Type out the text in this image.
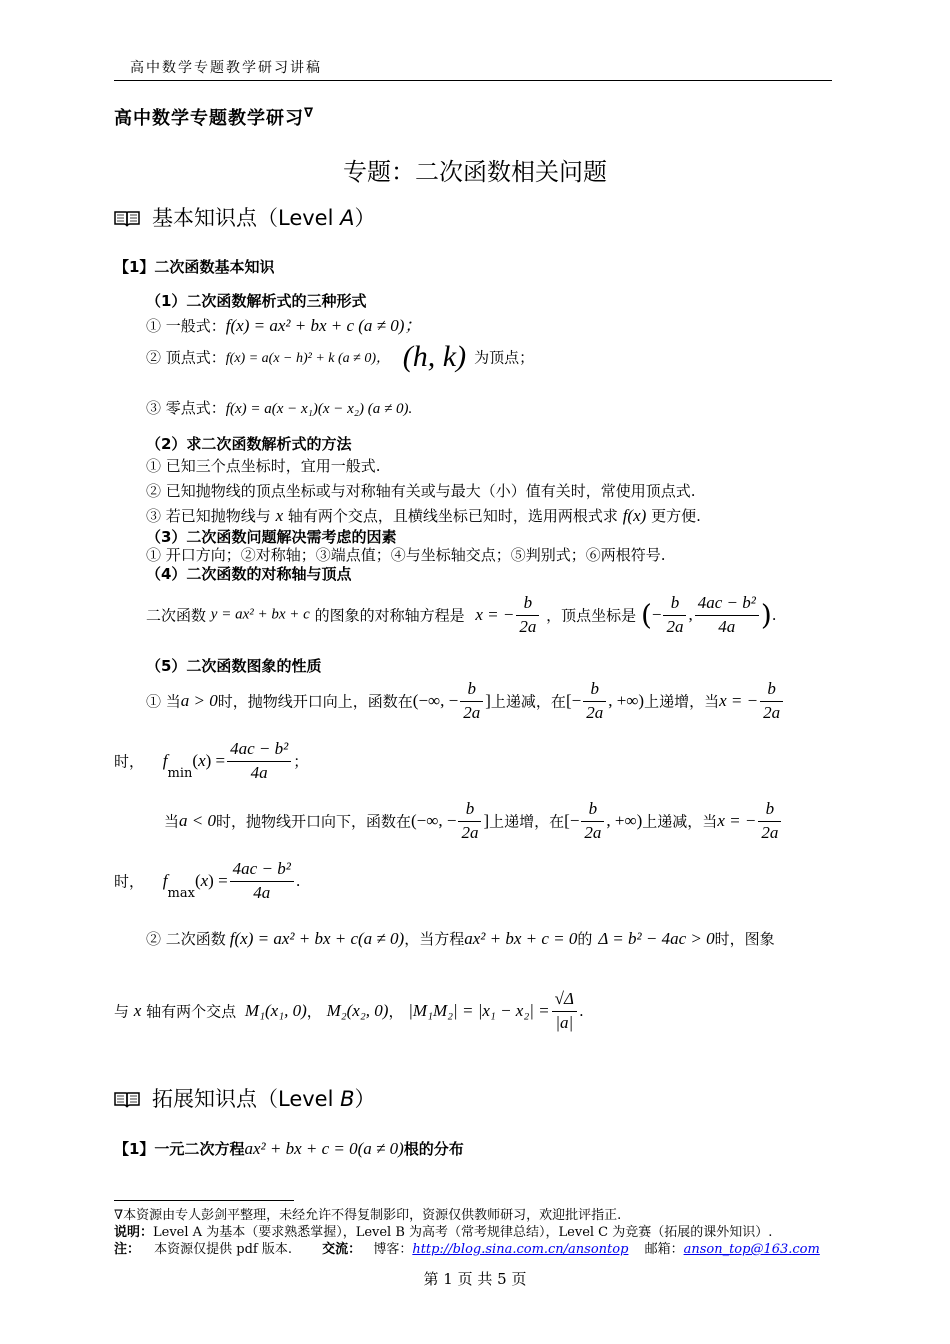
高中数学专题教学研习讲稿
高中数学专题教学研习∇
专题：二次函数相关问题
基本知识点（Level A）
【1】二次函数基本知识
（1）二次函数解析式的三种形式
① 一般式：f(x) = ax² + bx + c (a ≠ 0)；
② 顶点式：f(x) = a(x − h)² + k (a ≠ 0)， (h, k) 为顶点；
③ 零点式：f(x) = a(x − x₁)(x − x₂) (a ≠ 0).
（2）求二次函数解析式的方法
① 已知三个点坐标时，宜用一般式.
② 已知抛物线的顶点坐标或与对称轴有关或与最大（小）值有关时，常使用顶点式.
③ 若已知抛物线与 x 轴有两个交点，且横线坐标已知时，选用两根式求 f(x) 更方便.
（3）二次函数问题解决需考虑的因素
① 开口方向；②对称轴；③端点值；④与坐标轴交点；⑤判别式；⑥两根符号.
（4）二次函数的对称轴与顶点
二次函数 y = ax² + bx + c 的图象的对称轴方程是 x = − $\frac{b}{2a}$ ，顶点坐标是 (− $\frac{b}{2a}$ , $\frac{\text{4ac − b²}}{4a}$ ).
（5）二次函数图象的性质
① 当a > 0时，抛物线开口向上，函数在(−∞, − $\frac{b}{2a}$ ]上递减，在[− $\frac{b}{2a}$ , +∞)上递增，当x = − $\frac{b}{2a}$
时， $f_{min}(x) = \frac{\text{4ac − b²}}{4a}$ ；
当a < 0时，抛物线开口向下，函数在(−∞, − $\frac{b}{2a}$ ]上递增，在[− $\frac{b}{2a}$ , +∞)上递减，当x = − $\frac{b}{2a}$
时， $f_{max}(x) = \frac{\text{4ac − b²}}{4a}$ .
② 二次函数 f(x) = ax² + bx + c(a ≠ 0)，当方程ax² + bx + c = 0的 Δ = b² − 4ac > 0时，图象
与 x 轴有两个交点 M₁(x₁, 0)， M₂(x₂, 0)， $|M_1M_2| = |x_1 - x_2| = \frac{√\Delta}{|a|}$ .
拓展知识点（Level B）
【1】一元二次方程ax² + bx + c = 0(a ≠ 0)根的分布
∇本资源由专人彭剑平整理，未经允许不得复制影印，资源仅供教师研习，欢迎批评指正.
说明：Level A 为基本（要求熟悉掌握），Level B 为高考（常考规律总结），Level C 为竞赛（拓展的课外知识）.
注： 本资源仅提供 pdf 版本. 交流： 博客：http://blog.sina.com.cn/ansontop 邮箱：anson_top@163.com
第 1 页 共 5 页
